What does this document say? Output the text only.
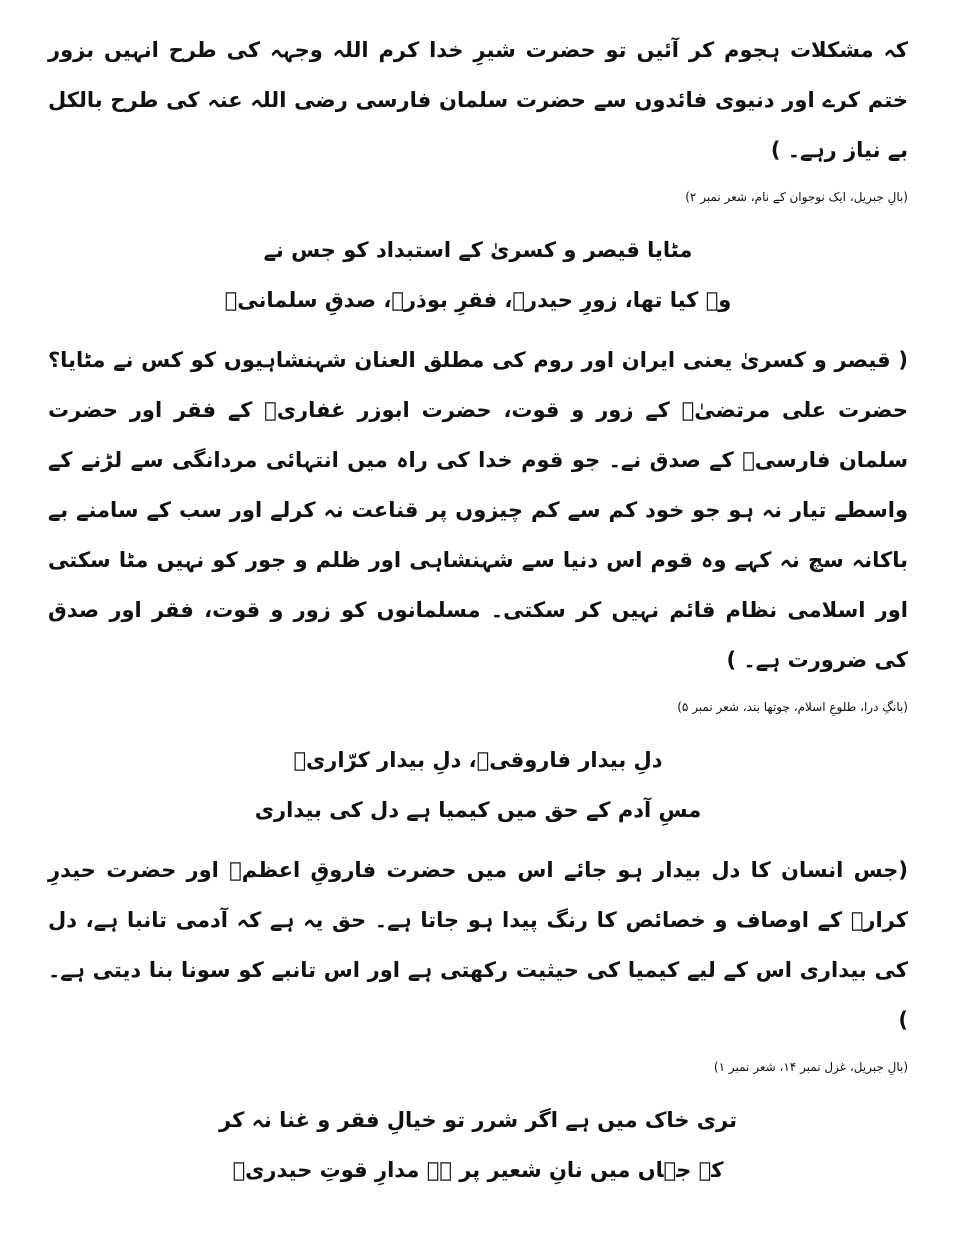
کہ مشکلات ہجوم کر آئیں تو حضرت شیرِ خدا کرم اللہ وجہہ کی طرح انہیں بزور ختم کرے اور دنیوی فائدوں سے حضرت سلمان فارسی رضی اللہ عنہ کی طرح بالکل بے نیاز رہے۔ )
(بالِ جبریل، ایک نوجوان کے نام، شعر نمبر ۲)
مٹایا قیصر و کسریٰ کے استبداد کو جس نے
وہ کیا تھا، زورِ حیدرؓ، فقرِ بوذرؓ، صدقِ سلمانیؓ
( قیصر و کسریٰ یعنی ایران اور روم کی مطلق العنان شہنشاہیوں کو کس نے مٹایا؟ حضرت علی مرتضیٰؓ کے زور و قوت، حضرت ابوزر غفاریؓ کے فقر اور حضرت سلمان فارسیؓ کے صدق نے۔ جو قوم خدا کی راہ میں انتہائی مردانگی سے لڑنے کے واسطے تیار نہ ہو جو خود کم سے کم چیزوں پر قناعت نہ کرلے اور سب کے سامنے بے باکانہ سچ نہ کہے وہ قوم اس دنیا سے شہنشاہی اور ظلم و جور کو نہیں مٹا سکتی اور اسلامی نظام قائم نہیں کر سکتی۔ مسلمانوں کو زور و قوت، فقر اور صدق کی ضرورت ہے۔ )
(بانگِ درا، طلوعِ اسلام، چوتھا بند، شعر نمبر ۵)
دلِ بیدار فاروقیؓ، دلِ بیدار کرّاریؓ
مسِ آدم کے حق میں کیمیا ہے دل کی بیداری
(جس انسان کا دل بیدار ہو جائے اس میں حضرت فاروقِ اعظمؓ اور حضرت حیدرِ کرارؓ کے اوصاف و خصائص کا رنگ پیدا ہو جاتا ہے۔ حق یہ ہے کہ آدمی تانبا ہے، دل کی بیداری اس کے لیے کیمیا کی حیثیت رکھتی ہے اور اس تانبے کو سونا بنا دیتی ہے۔ )
(بالِ جبریل، غزل نمبر ۱۴، شعر نمبر ۱)
تری خاک میں ہے اگر شرر تو خیالِ فقر و غنا نہ کر
کہ جہاں میں نانِ شعیر پر ہے مدارِ قوتِ حیدریؓ
